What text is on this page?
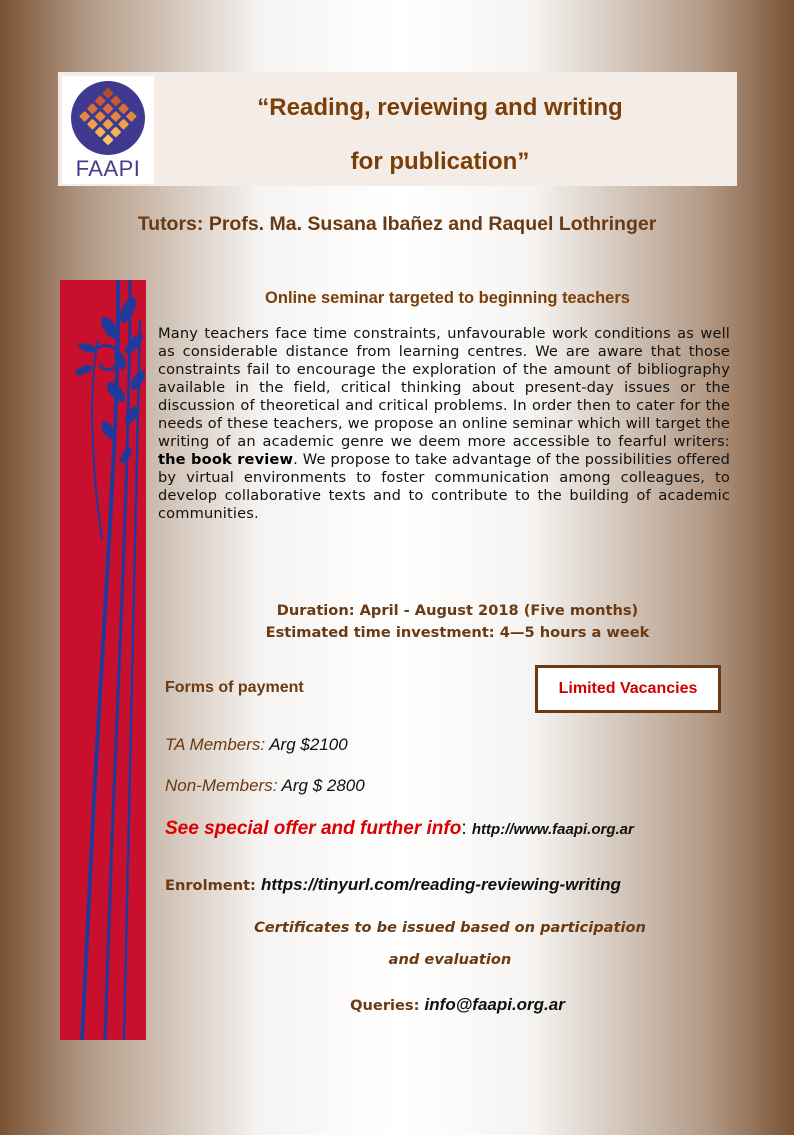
FAAPI
“Reading, reviewing and writing
for publication”
Tutors: Profs. Ma. Susana Ibañez and Raquel Lothringer
Online seminar targeted to beginning teachers
Many teachers face time constraints, unfavourable work conditions as well as considerable distance from learning centres. We are aware that those constraints fail to encourage the exploration of the amount of bibliography available in the field, critical thinking about present-day issues or the discussion of theoretical and critical problems. In order then to cater for the needs of these teachers, we propose an online seminar which will target the writing of an academic genre we deem more accessible to fearful writers: the book review. We propose to take advantage of the possibilities offered by virtual environments to foster communication among colleagues, to develop collaborative texts and to contribute to the building of academic communities.
Duration: April - August 2018 (Five months)
Estimated time investment: 4—5 hours a week
Forms of payment	Limited Vacancies
TA Members: Arg $2100
Non-Members: Arg $ 2800
See special offer and further info: http://www.faapi.org.ar
Enrolment: https://tinyurl.com/reading-reviewing-writing
Certificates to be issued based on participation
and evaluation
Queries: info@faapi.org.ar
